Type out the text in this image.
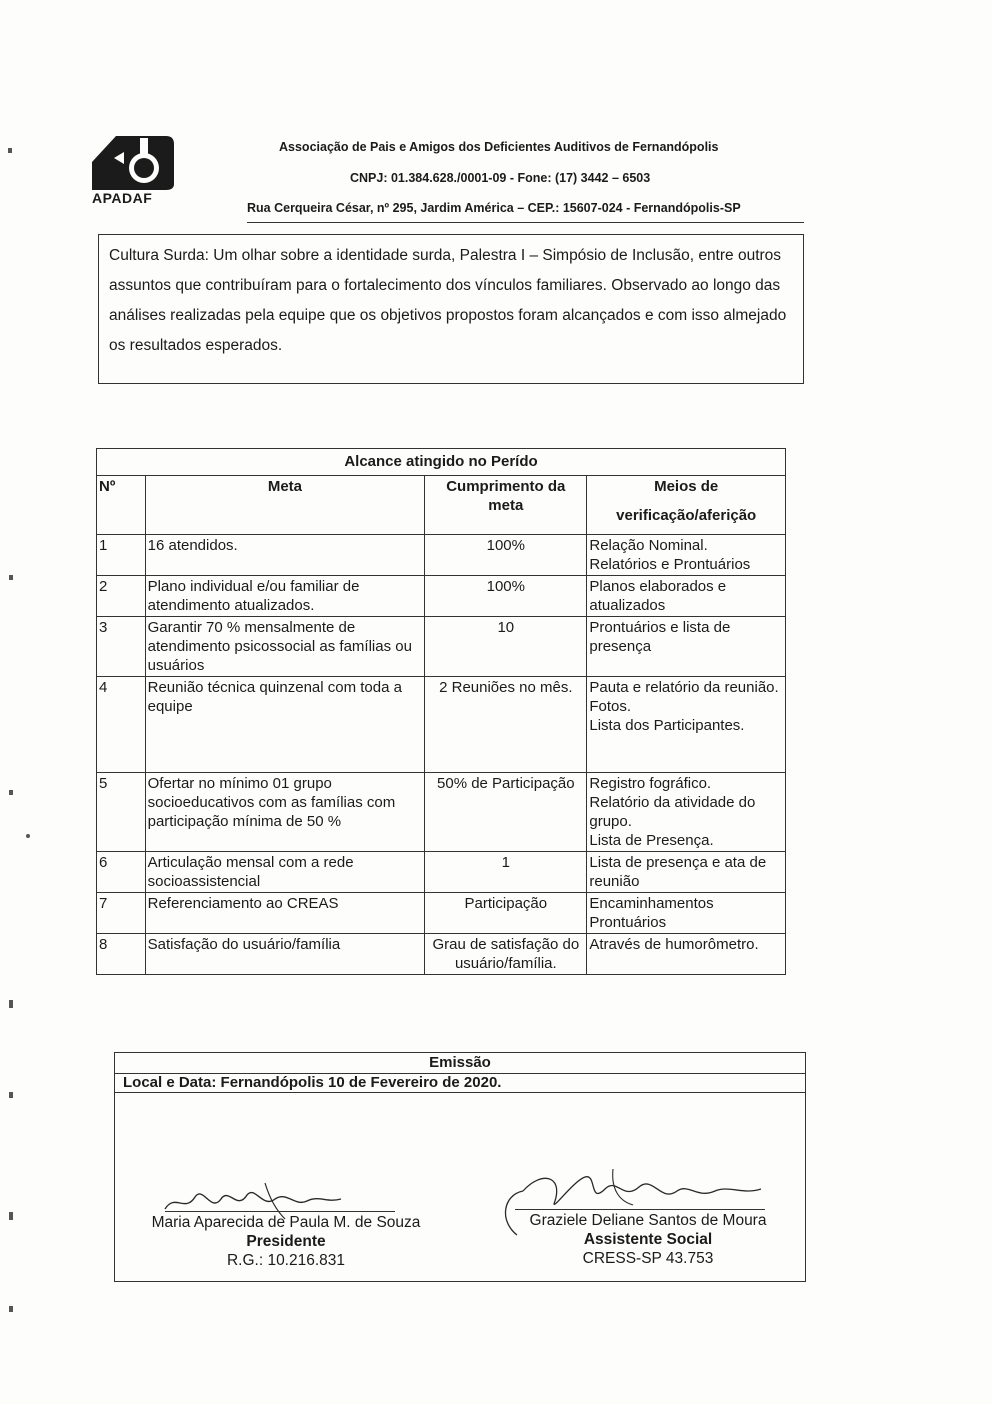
APADAF
Associação de Pais e Amigos dos Deficientes Auditivos de Fernandópolis
CNPJ: 01.384.628./0001-09 - Fone: (17) 3442 – 6503
Rua Cerqueira César, nº 295, Jardim América – CEP.: 15607-024 - Fernandópolis-SP
Cultura Surda: Um olhar sobre a identidade surda, Palestra I – Simpósio de Inclusão, entre outros assuntos que contribuíram para o fortalecimento dos vínculos familiares. Observado ao longo das análises realizadas pela equipe que os objetivos propostos foram alcançados e com isso almejado os resultados esperados.
Alcance atingido no Perído			
Nº	Meta	Cumprimento da meta	Meios de
verificação/aferição

1	16 atendidos.	100%	Relação Nominal.
Relatórios e Prontuários
2	Plano individual e/ou familiar de atendimento atualizados.	100%	Planos elaborados e atualizados
3	Garantir 70 % mensalmente de atendimento psicossocial as famílias ou usuários	10	Prontuários e lista de presença
4	Reunião técnica quinzenal com toda a equipe	2 Reuniões no mês.	Pauta e relatório da reunião.
Fotos.
Lista dos Participantes.
5	Ofertar no mínimo 01 grupo socioeducativos com as famílias com participação mínima de 50 %	50% de Participação	Registro fográfico.
Relatório da atividade do grupo.
Lista de Presença.
6	Articulação mensal com a rede socioassistencial	1	Lista de presença e ata de reunião
7	Referenciamento ao CREAS	Participação	Encaminhamentos Prontuários
8	Satisfação do usuário/família	Grau de satisfação do usuário/família.	Através de humorômetro.
Emissão
Local e Data: Fernandópolis 10 de Fevereiro de 2020.
Maria Aparecida de Paula M. de Souza
Presidente
R.G.: 10.216.831
Graziele Deliane Santos de Moura
Assistente Social
CRESS-SP 43.753
